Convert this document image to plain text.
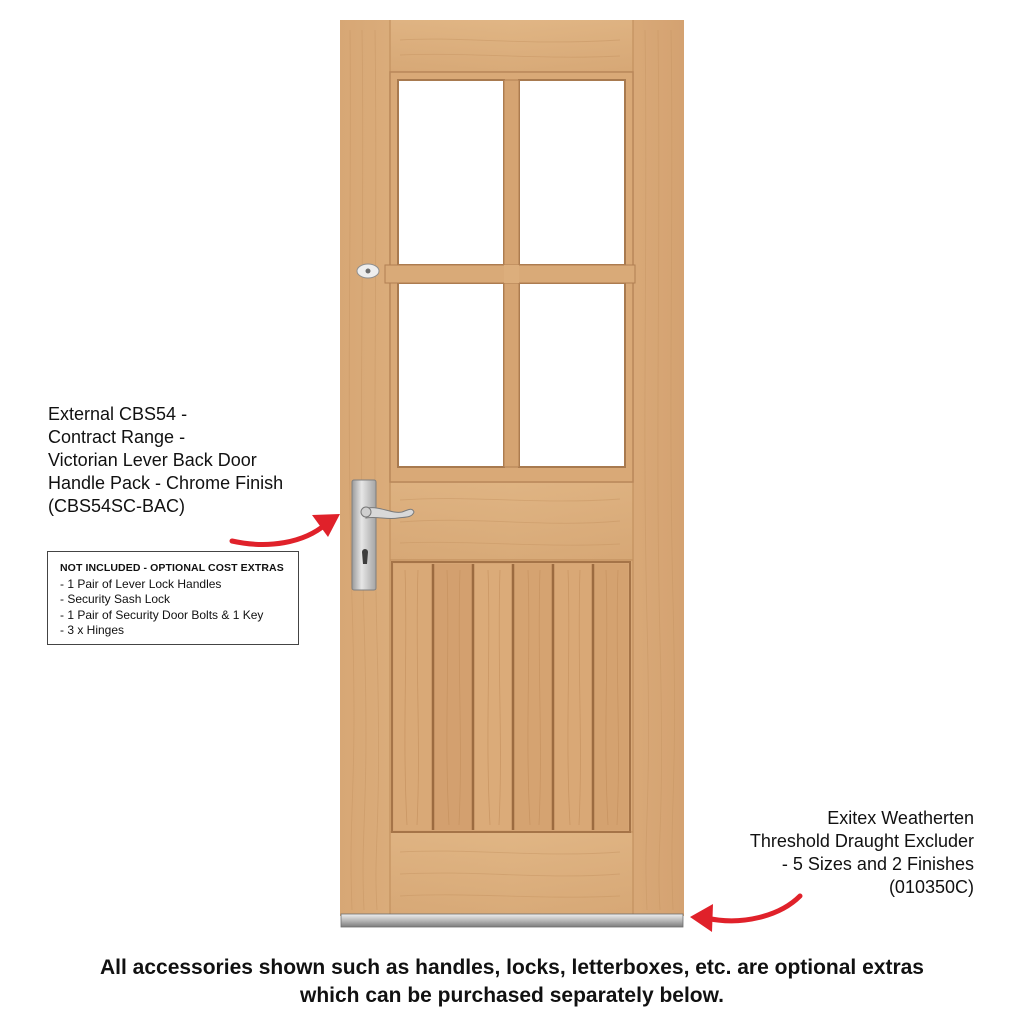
External CBS54 -
Contract Range -
Victorian Lever Back Door
Handle Pack - Chrome Finish
(CBS54SC-BAC)
NOT INCLUDED - OPTIONAL COST EXTRAS
- 1 Pair of Lever Lock Handles
- Security Sash Lock
- 1 Pair of Security Door Bolts & 1 Key
- 3 x Hinges
Exitex Weatherten
Threshold Draught Excluder
- 5 Sizes and 2 Finishes
(010350C)
All accessories shown such as handles, locks, letterboxes, etc. are optional extras
which can be purchased separately below.
